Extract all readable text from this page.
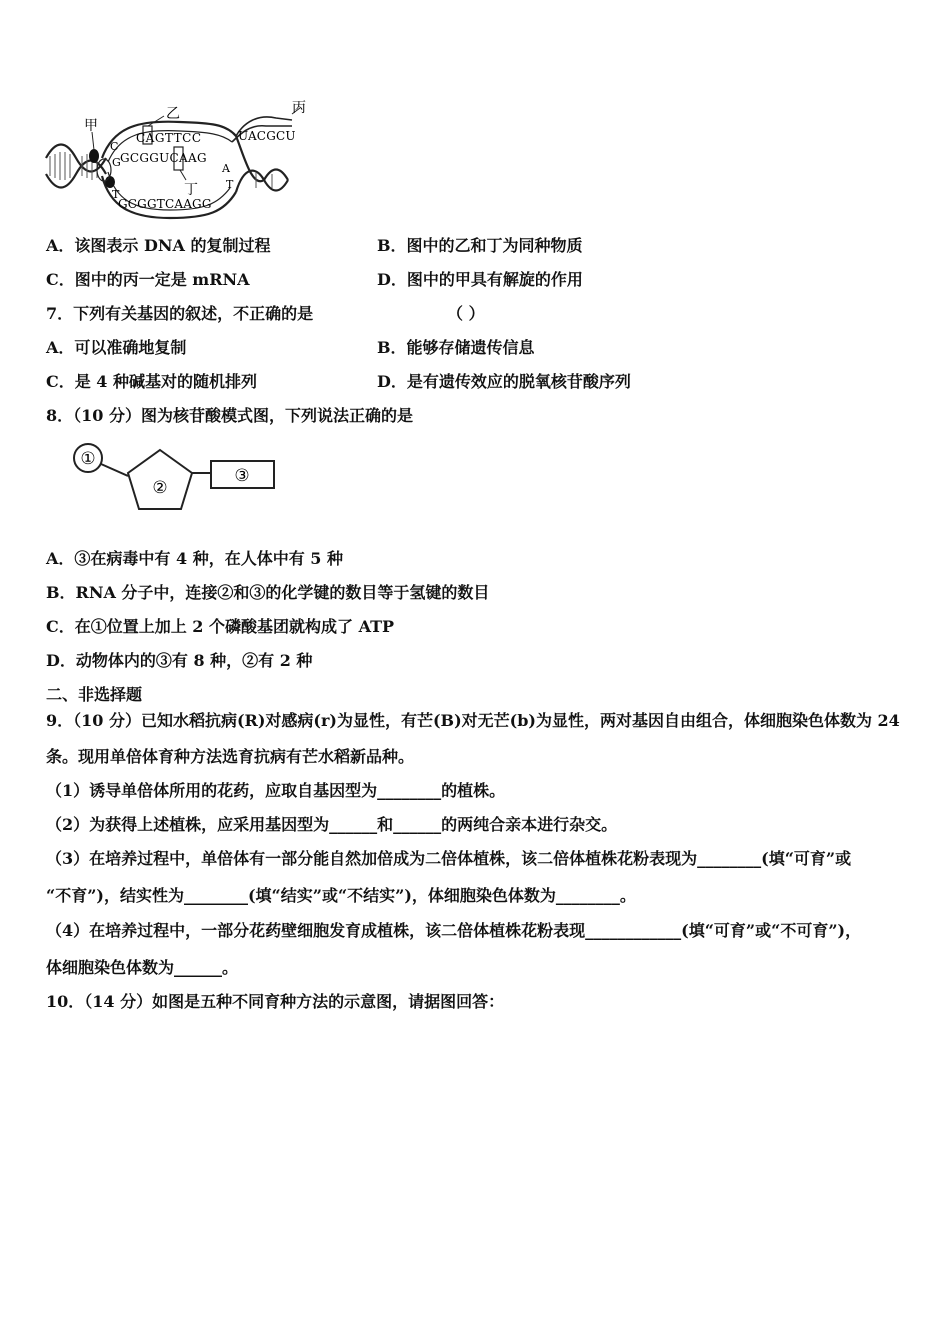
甲
乙	丙
丁
CAGTTCC
GCGGUCAAG
GCGGTCAAGG
UACGCU
C
G
T
A
T
A．该图表示 DNA 的复制过程	B．图中的乙和丁为同种物质
C．图中的丙一定是 mRNA	D．图中的甲具有解旋的作用
7．下列有关基因的叙述，不正确的是	（ ）
A．可以准确地复制	B．能够存储遗传信息
C．是 4 种碱基对的随机排列	D．是有遗传效应的脱氧核苷酸序列
8．（10 分）图为核苷酸模式图，下列说法正确的是
①
②
③
A．③在病毒中有 4 种，在人体中有 5 种
B．RNA 分子中，连接②和③的化学键的数目等于氢键的数目
C．在①位置上加上 2 个磷酸基团就构成了 ATP
D．动物体内的③有 8 种，②有 2 种
二、非选择题
9．（10 分）已知水稻抗病(R)对感病(r)为显性，有芒(B)对无芒(b)为显性，两对基因自由组合，体细胞染色体数为 24
条。现用单倍体育种方法选育抗病有芒水稻新品种。
（1）诱导单倍体所用的花药，应取自基因型为________的植株。
（2）为获得上述植株，应采用基因型为______和______的两纯合亲本进行杂交。
（3）在培养过程中，单倍体有一部分能自然加倍成为二倍体植株，该二倍体植株花粉表现为________(填“可育”或
“不育”)，结实性为________(填“结实”或“不结实”)，体细胞染色体数为________。
（4）在培养过程中，一部分花药壁细胞发育成植株，该二倍体植株花粉表现____________(填“可育”或“不可育”)，
体细胞染色体数为______。
10．（14 分）如图是五种不同育种方法的示意图，请据图回答：
